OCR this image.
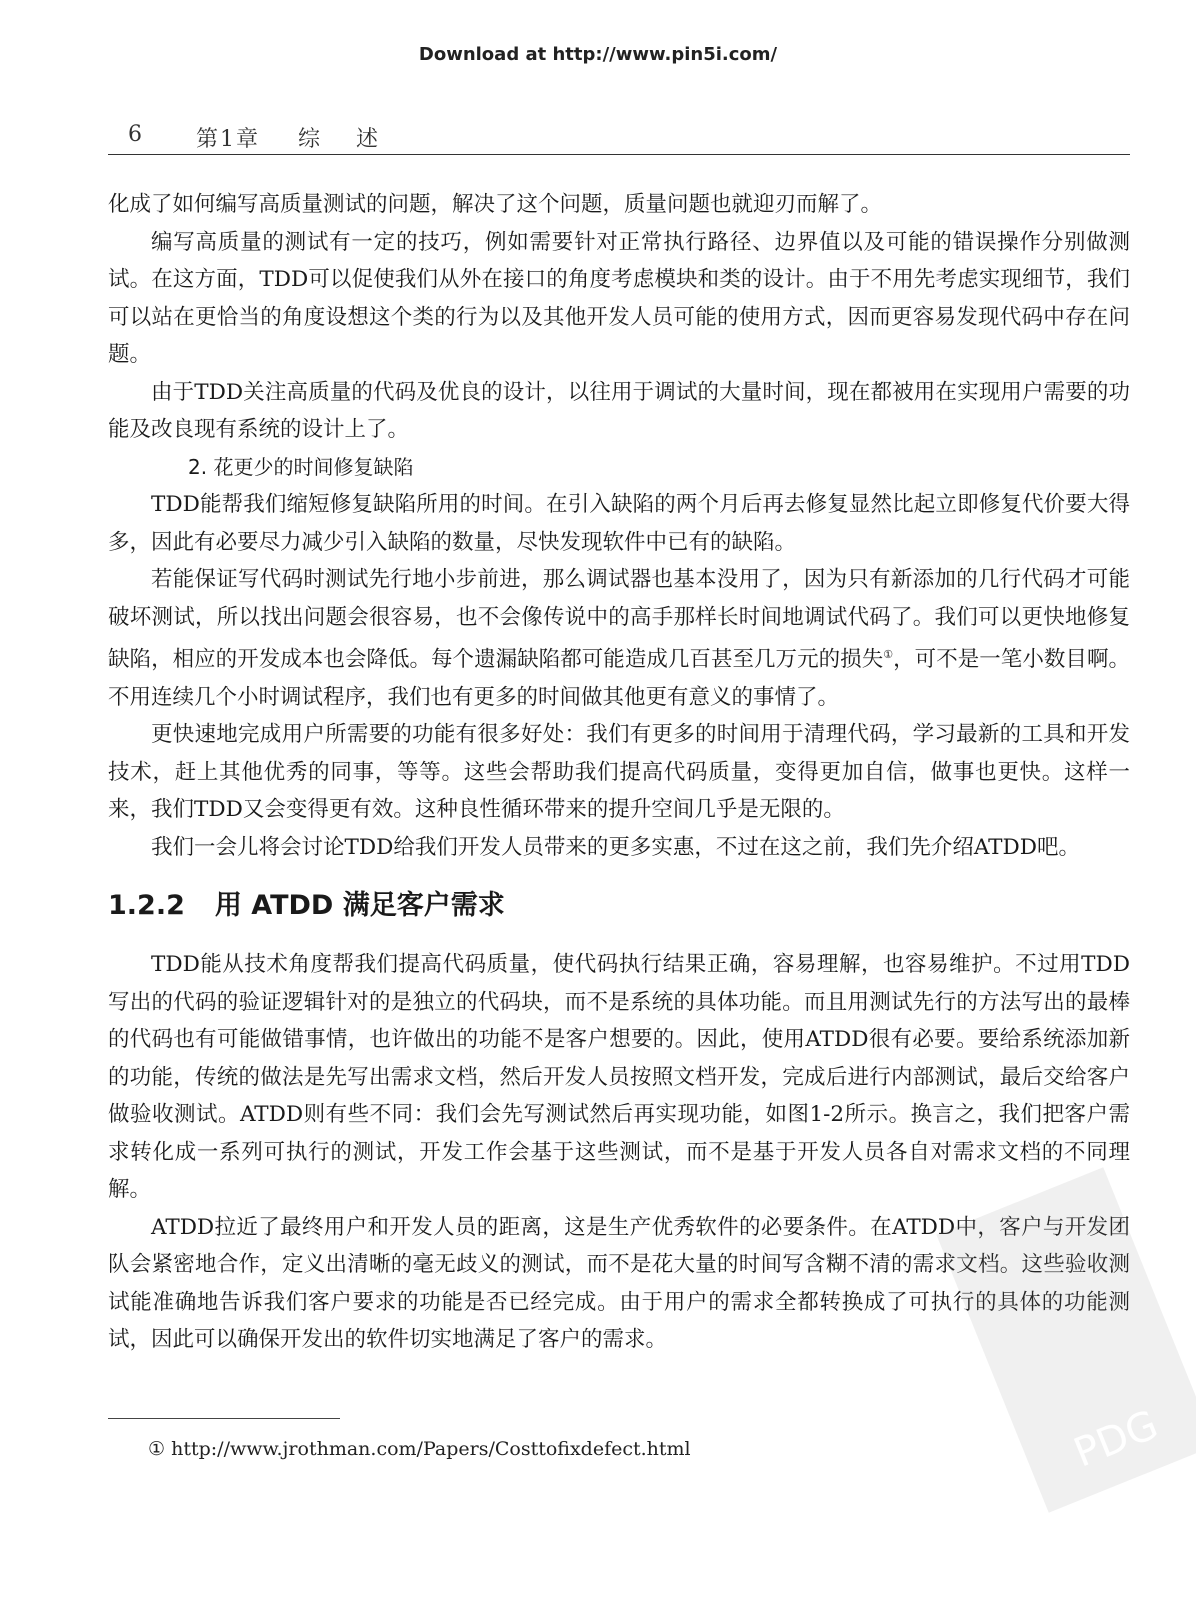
Download at http://www.pin5i.com/
6 第1章 综述

化成了如何编写高质量测试的问题，解决了这个问题，质量问题也就迎刃而解了。

编写高质量的测试有一定的技巧，例如需要针对正常执行路径、边界值以及可能的错误操作分别做测试。在这方面，TDD可以促使我们从外在接口的角度考虑模块和类的设计。由于不用先考虑实现细节，我们可以站在更恰当的角度设想这个类的行为以及其他开发人员可能的使用方式，因而更容易发现代码中存在问题。

由于TDD关注高质量的代码及优良的设计，以往用于调试的大量时间，现在都被用在实现用户需要的功能及改良现有系统的设计上了。

2. 花更少的时间修复缺陷

TDD能帮我们缩短修复缺陷所用的时间。在引入缺陷的两个月后再去修复显然比起立即修复代价要大得多，因此有必要尽力减少引入缺陷的数量，尽快发现软件中已有的缺陷。

若能保证写代码时测试先行地小步前进，那么调试器也基本没用了，因为只有新添加的几行代码才可能破坏测试，所以找出问题会很容易，也不会像传说中的高手那样长时间地调试代码了。我们可以更快地修复缺陷，相应的开发成本也会降低。每个遗漏缺陷都可能造成几百甚至几万元的损失①，可不是一笔小数目啊。不用连续几个小时调试程序，我们也有更多的时间做其他更有意义的事情了。

更快速地完成用户所需要的功能有很多好处：我们有更多的时间用于清理代码，学习最新的工具和开发技术，赶上其他优秀的同事，等等。这些会帮助我们提高代码质量，变得更加自信，做事也更快。这样一来，我们TDD又会变得更有效。这种良性循环带来的提升空间几乎是无限的。

我们一会儿将会讨论TDD给我们开发人员带来的更多实惠，不过在这之前，我们先介绍ATDD吧。

1.2.2 用 ATDD 满足客户需求

TDD能从技术角度帮我们提高代码质量，使代码执行结果正确，容易理解，也容易维护。不过用TDD写出的代码的验证逻辑针对的是独立的代码块，而不是系统的具体功能。而且用测试先行的方法写出的最棒的代码也有可能做错事情，也许做出的功能不是客户想要的。因此，使用ATDD很有必要。要给系统添加新的功能，传统的做法是先写出需求文档，然后开发人员按照文档开发，完成后进行内部测试，最后交给客户做验收测试。ATDD则有些不同：我们会先写测试然后再实现功能，如图1-2所示。换言之，我们把客户需求转化成一系列可执行的测试，开发工作会基于这些测试，而不是基于开发人员各自对需求文档的不同理解。

ATDD拉近了最终用户和开发人员的距离，这是生产优秀软件的必要条件。在ATDD中，客户与开发团队会紧密地合作，定义出清晰的毫无歧义的测试，而不是花大量的时间写含糊不清的需求文档。这些验收测试能准确地告诉我们客户要求的功能是否已经完成。由于用户的需求全都转换成了可执行的具体的功能测试，因此可以确保开发出的软件切实地满足了客户的需求。

① http://www.jrothman.com/Papers/Costtofixdefect.html	PDG
